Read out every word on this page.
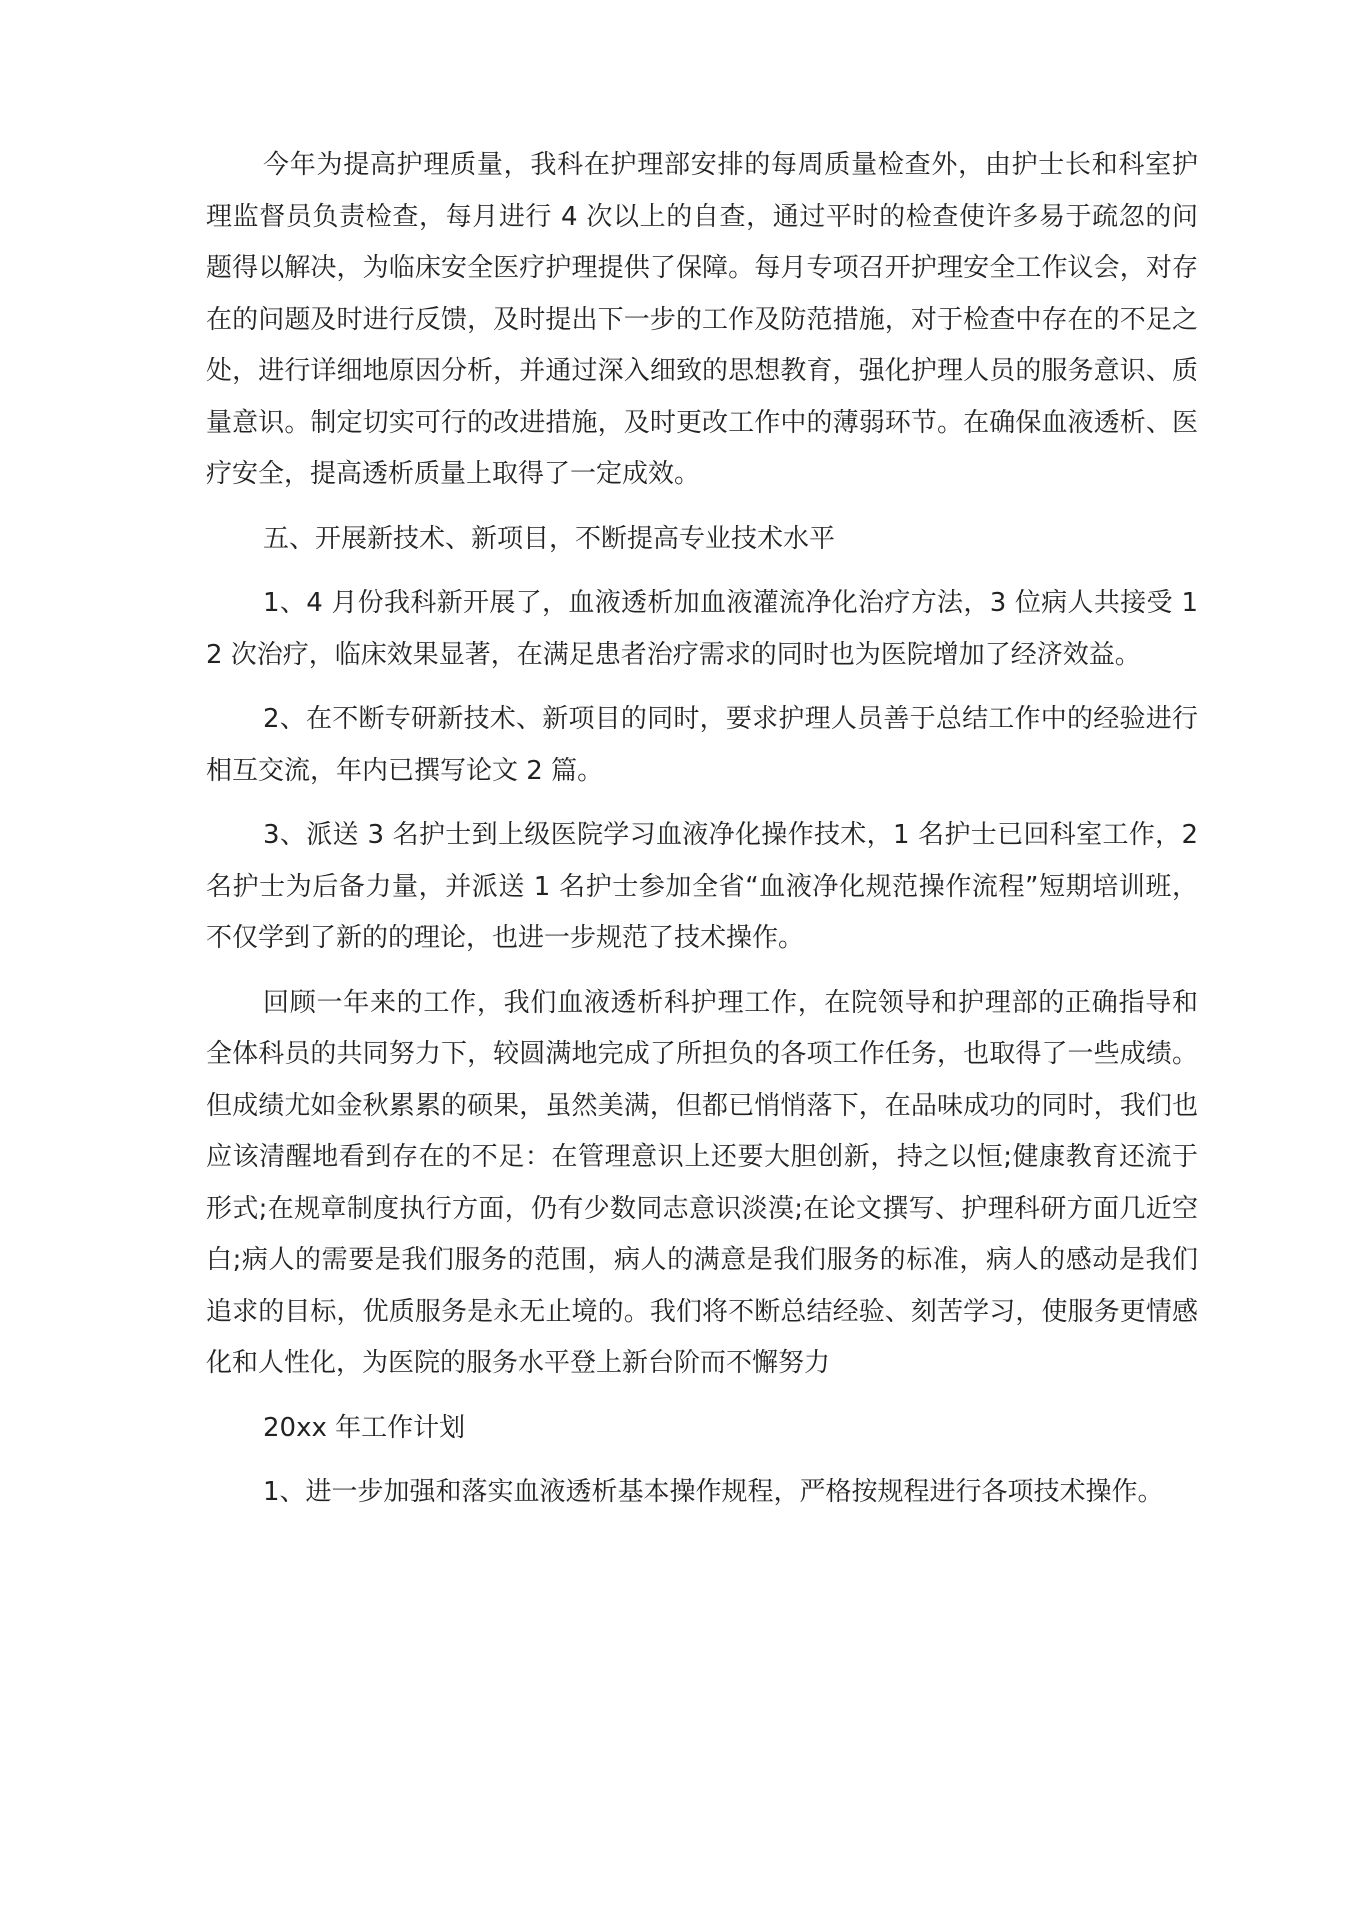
今年为提高护理质量，我科在护理部安排的每周质量检查外，由护士长和科室护理监督员负责检查，每月进行 4 次以上的自查，通过平时的检查使许多易于疏忽的问题得以解决，为临床安全医疗护理提供了保障。每月专项召开护理安全工作议会，对存在的问题及时进行反馈，及时提出下一步的工作及防范措施，对于检查中存在的不足之处，进行详细地原因分析，并通过深入细致的思想教育，强化护理人员的服务意识、质量意识。制定切实可行的改进措施，及时更改工作中的薄弱环节。在确保血液透析、医疗安全，提高透析质量上取得了一定成效。

五、开展新技术、新项目，不断提高专业技术水平

1、4 月份我科新开展了，血液透析加血液灌流净化治疗方法，3 位病人共接受 12 次治疗，临床效果显著，在满足患者治疗需求的同时也为医院增加了经济效益。

2、在不断专研新技术、新项目的同时，要求护理人员善于总结工作中的经验进行相互交流，年内已撰写论文 2 篇。

3、派送 3 名护士到上级医院学习血液净化操作技术，1 名护士已回科室工作，2 名护士为后备力量，并派送 1 名护士参加全省“血液净化规范操作流程”短期培训班，不仅学到了新的的理论，也进一步规范了技术操作。

回顾一年来的工作，我们血液透析科护理工作，在院领导和护理部的正确指导和全体科员的共同努力下，较圆满地完成了所担负的各项工作任务，也取得了一些成绩。但成绩尤如金秋累累的硕果，虽然美满，但都已悄悄落下，在品味成功的同时，我们也应该清醒地看到存在的不足：在管理意识上还要大胆创新，持之以恒;健康教育还流于形式;在规章制度执行方面，仍有少数同志意识淡漠;在论文撰写、护理科研方面几近空白;病人的需要是我们服务的范围，病人的满意是我们服务的标准，病人的感动是我们追求的目标，优质服务是永无止境的。我们将不断总结经验、刻苦学习，使服务更情感化和人性化，为医院的服务水平登上新台阶而不懈努力

20xx 年工作计划

1、进一步加强和落实血液透析基本操作规程，严格按规程进行各项技术操作。
